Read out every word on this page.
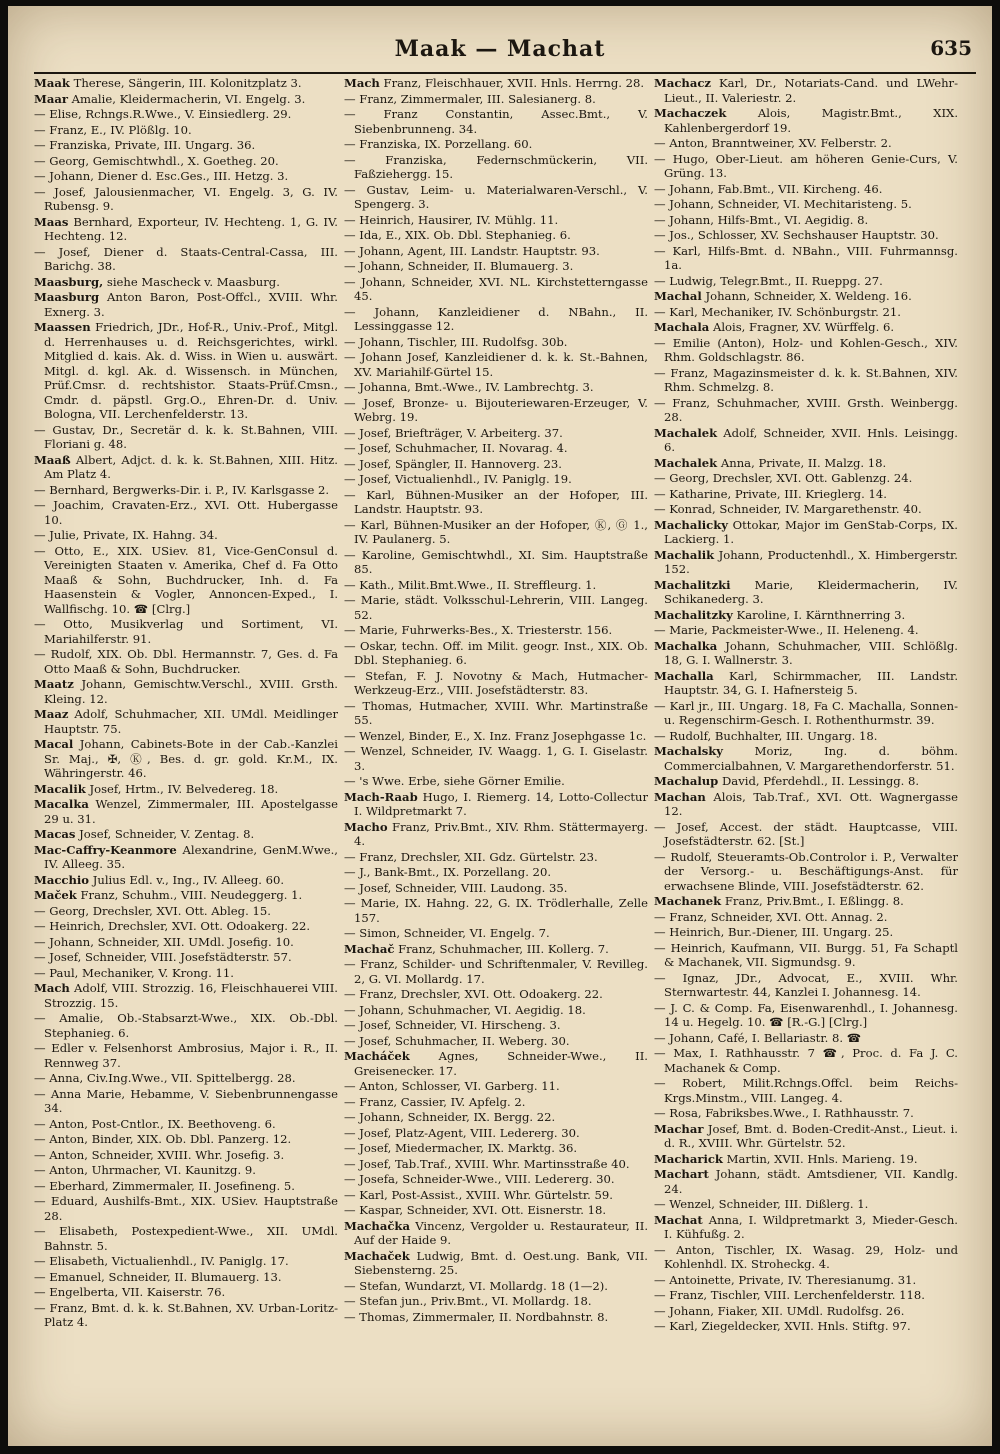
Maak — Machat	635
Maak Therese, Sängerin, III. Kolonitzplatz 3.
Maar Amalie, Kleidermacherin, VI. Engelg. 3.
— Elise, Rchngs.R.Wwe., V. Einsiedlerg. 29.
— Franz, E., IV. Plößlg. 10.
— Franziska, Private, III. Ungarg. 36.
— Georg, Gemischtwhdl., X. Goetheg. 20.
— Johann, Diener d. Esc.Ges., III. Hetzg. 3.
— Josef, Jalousienmacher, VI. Engelg. 3, G. IV. Rubensg. 9.
Maas Bernhard, Exporteur, IV. Hechteng. 1, G. IV. Hechteng. 12.
— Josef, Diener d. Staats-Central-Cassa, III. Barichg. 38.
Maasburg, siehe Mascheck v. Maasburg.
Maasburg Anton Baron, Post-Offcl., XVIII. Whr. Exnerg. 3.
Maassen Friedrich, JDr., Hof-R., Univ.-Prof., Mitgl. d. Herrenhauses u. d. Reichsgerichtes, wirkl. Mitglied d. kais. Ak. d. Wiss. in Wien u. auswärt. Mitgl. d. kgl. Ak. d. Wissensch. in München, Prüf.Cmsr. d. rechtshistor. Staats-Prüf.Cmsn., Cmdr. d. päpstl. Grg.O., Ehren-Dr. d. Univ. Bologna, VII. Lerchenfelderstr. 13.
— Gustav, Dr., Secretär d. k. k. St.Bahnen, VIII. Floriani g. 48.
Maaß Albert, Adjct. d. k. k. St.Bahnen, XIII. Hitz. Am Platz 4.
— Bernhard, Bergwerks-Dir. i. P., IV. Karlsgasse 2.
— Joachim, Cravaten-Erz., XVI. Ott. Hubergasse 10.
— Julie, Private, IX. Hahng. 34.
— Otto, E., XIX. USiev. 81, Vice-GenConsul d. Vereinigten Staaten v. Amerika, Chef d. Fa Otto Maaß & Sohn, Buchdrucker, Inh. d. Fa Haasenstein & Vogler, Annoncen-Exped., I. Wallfischg. 10. ☎ [Clrg.]
— Otto, Musikverlag und Sortiment, VI. Mariahilferstr. 91.
— Rudolf, XIX. Ob. Dbl. Hermannstr. 7, Ges. d. Fa Otto Maaß & Sohn, Buchdrucker.
Maatz Johann, Gemischtw.Verschl., XVIII. Grsth. Kleing. 12.
Maaz Adolf, Schuhmacher, XII. UMdl. Meidlinger Hauptstr. 75.
Macal Johann, Cabinets-Bote in der Cab.-Kanzlei Sr. Maj., ✠, Ⓚ, Bes. d. gr. gold. Kr.M., IX. Währingerstr. 46.
Macalik Josef, Hrtm., IV. Belvedereg. 18.
Macalka Wenzel, Zimmermaler, III. Apostelgasse 29 u. 31.
Macas Josef, Schneider, V. Zentag. 8.
Mac-Caffry-Keanmore Alexandrine, GenM.Wwe., IV. Alleeg. 35.
Macchio Julius Edl. v., Ing., IV. Alleeg. 60.
Maček Franz, Schuhm., VIII. Neudeggerg. 1.
— Georg, Drechsler, XVI. Ott. Ableg. 15.
— Heinrich, Drechsler, XVI. Ott. Odoakerg. 22.
— Johann, Schneider, XII. UMdl. Josefig. 10.
— Josef, Schneider, VIII. Josefstädterstr. 57.
— Paul, Mechaniker, V. Krong. 11.
Mach Adolf, VIII. Strozzig. 16, Fleischhauerei VIII. Strozzig. 15.
— Amalie, Ob.-Stabsarzt-Wwe., XIX. Ob.-Dbl. Stephanieg. 6.
— Edler v. Felsenhorst Ambrosius, Major i. R., II. Rennweg 37.
— Anna, Civ.Ing.Wwe., VII. Spittelbergg. 28.
— Anna Marie, Hebamme, V. Siebenbrunnengasse 34.
— Anton, Post-Cntlor., IX. Beethoveng. 6.
— Anton, Binder, XIX. Ob. Dbl. Panzerg. 12.
— Anton, Schneider, XVIII. Whr. Josefig. 3.
— Anton, Uhrmacher, VI. Kaunitzg. 9.
— Eberhard, Zimmermaler, II. Josefineng. 5.
— Eduard, Aushilfs-Bmt., XIX. USiev. Hauptstraße 28.
— Elisabeth, Postexpedient-Wwe., XII. UMdl. Bahnstr. 5.
— Elisabeth, Victualienhdl., IV. Paniglg. 17.
— Emanuel, Schneider, II. Blumauerg. 13.
— Engelberta, VII. Kaiserstr. 76.
— Franz, Bmt. d. k. k. St.Bahnen, XV. Urban-Loritz-Platz 4.
Mach Franz, Fleischhauer, XVII. Hnls. Herrng. 28.
— Franz, Zimmermaler, III. Salesianerg. 8.
— Franz Constantin, Assec.Bmt., V. Siebenbrunneng. 34.
— Franziska, IX. Porzellang. 60.
— Franziska, Federnschmückerin, VII. Faßziehergg. 15.
— Gustav, Leim- u. Materialwaren-Verschl., V. Spengerg. 3.
— Heinrich, Hausirer, IV. Mühlg. 11.
— Ida, E., XIX. Ob. Dbl. Stephanieg. 6.
— Johann, Agent, III. Landstr. Hauptstr. 93.
— Johann, Schneider, II. Blumauerg. 3.
— Johann, Schneider, XVI. NL. Kirchstetterngasse 45.
— Johann, Kanzleidiener d. NBahn., II. Lessinggasse 12.
— Johann, Tischler, III. Rudolfsg. 30b.
— Johann Josef, Kanzleidiener d. k. k. St.-Bahnen, XV. Mariahilf-Gürtel 15.
— Johanna, Bmt.-Wwe., IV. Lambrechtg. 3.
— Josef, Bronze- u. Bijouteriewaren-Erzeuger, V. Webrg. 19.
— Josef, Briefträger, V. Arbeiterg. 37.
— Josef, Schuhmacher, II. Novarag. 4.
— Josef, Spängler, II. Hannoverg. 23.
— Josef, Victualienhdl., IV. Paniglg. 19.
— Karl, Bühnen-Musiker an der Hofoper, III. Landstr. Hauptstr. 93.
— Karl, Bühnen-Musiker an der Hofoper, Ⓚ, Ⓖ 1., IV. Paulanerg. 5.
— Karoline, Gemischtwhdl., XI. Sim. Hauptstraße 85.
— Kath., Milit.Bmt.Wwe., II. Streffleurg. 1.
— Marie, städt. Volksschul-Lehrerin, VIII. Langeg. 52.
— Marie, Fuhrwerks-Bes., X. Triesterstr. 156.
— Oskar, techn. Off. im Milit. geogr. Inst., XIX. Ob. Dbl. Stephanieg. 6.
— Stefan, F. J. Novotny & Mach, Hutmacher-Werkzeug-Erz., VIII. Josefstädterstr. 83.
— Thomas, Hutmacher, XVIII. Whr. Martinstraße 55.
— Wenzel, Binder, E., X. Inz. Franz Josephgasse 1c.
— Wenzel, Schneider, IV. Waagg. 1, G. I. Giselastr. 3.
— 's Wwe. Erbe, siehe Görner Emilie.
Mach-Raab Hugo, I. Riemerg. 14, Lotto-Collectur I. Wildpretmarkt 7.
Macho Franz, Priv.Bmt., XIV. Rhm. Stättermayerg. 4.
— Franz, Drechsler, XII. Gdz. Gürtelstr. 23.
— J., Bank-Bmt., IX. Porzellang. 20.
— Josef, Schneider, VIII. Laudong. 35.
— Marie, IX. Hahng. 22, G. IX. Trödlerhalle, Zelle 157.
— Simon, Schneider, VI. Engelg. 7.
Machač Franz, Schuhmacher, III. Kollerg. 7.
— Franz, Schilder- und Schriftenmaler, V. Revilleg. 2, G. VI. Mollardg. 17.
— Franz, Drechsler, XVI. Ott. Odoakerg. 22.
— Johann, Schuhmacher, VI. Aegidig. 18.
— Josef, Schneider, VI. Hirscheng. 3.
— Josef, Schuhmacher, II. Weberg. 30.
Macháček Agnes, Schneider-Wwe., II. Greisenecker. 17.
— Anton, Schlosser, VI. Garberg. 11.
— Franz, Cassier, IV. Apfelg. 2.
— Johann, Schneider, IX. Bergg. 22.
— Josef, Platz-Agent, VIII. Ledererg. 30.
— Josef, Miedermacher, IX. Marktg. 36.
— Josef, Tab.Traf., XVIII. Whr. Martinsstraße 40.
— Josefa, Schneider-Wwe., VIII. Ledererg. 30.
— Karl, Post-Assist., XVIII. Whr. Gürtelstr. 59.
— Kaspar, Schneider, XVI. Ott. Eisnerstr. 18.
Machačka Vincenz, Vergolder u. Restaurateur, II. Auf der Haide 9.
Machaček Ludwig, Bmt. d. Oest.ung. Bank, VII. Siebensterng. 25.
— Stefan, Wundarzt, VI. Mollardg. 18 (1—2).
— Stefan jun., Priv.Bmt., VI. Mollardg. 18.
— Thomas, Zimmermaler, II. Nordbahnstr. 8.
Machacz Karl, Dr., Notariats-Cand. und LWehr-Lieut., II. Valeriestr. 2.
Machaczek Alois, Magistr.Bmt., XIX. Kahlenbergerdorf 19.
— Anton, Branntweiner, XV. Felberstr. 2.
— Hugo, Ober-Lieut. am höheren Genie-Curs, V. Grüng. 13.
— Johann, Fab.Bmt., VII. Kircheng. 46.
— Johann, Schneider, VI. Mechitaristeng. 5.
— Johann, Hilfs-Bmt., VI. Aegidig. 8.
— Jos., Schlosser, XV. Sechshauser Hauptstr. 30.
— Karl, Hilfs-Bmt. d. NBahn., VIII. Fuhrmannsg. 1a.
— Ludwig, Telegr.Bmt., II. Rueppg. 27.
Machal Johann, Schneider, X. Weldeng. 16.
— Karl, Mechaniker, IV. Schönburgstr. 21.
Machala Alois, Fragner, XV. Würffelg. 6.
— Emilie (Anton), Holz- und Kohlen-Gesch., XIV. Rhm. Goldschlagstr. 86.
— Franz, Magazinsmeister d. k. k. St.Bahnen, XIV. Rhm. Schmelzg. 8.
— Franz, Schuhmacher, XVIII. Grsth. Weinbergg. 28.
Machalek Adolf, Schneider, XVII. Hnls. Leisingg. 6.
Machalek Anna, Private, II. Malzg. 18.
— Georg, Drechsler, XVI. Ott. Gablenzg. 24.
— Katharine, Private, III. Krieglerg. 14.
— Konrad, Schneider, IV. Margarethenstr. 40.
Machalicky Ottokar, Major im GenStab-Corps, IX. Lackierg. 1.
Machalik Johann, Productenhdl., X. Himbergerstr. 152.
Machalitzki Marie, Kleidermacherin, IV. Schikanederg. 3.
Machalitzky Karoline, I. Kärnthnerring 3.
— Marie, Packmeister-Wwe., II. Heleneng. 4.
Machalka Johann, Schuhmacher, VIII. Schlößlg. 18, G. I. Wallnerstr. 3.
Machalla Karl, Schirmmacher, III. Landstr. Hauptstr. 34, G. I. Hafnersteig 5.
— Karl jr., III. Ungarg. 18, Fa C. Machalla, Sonnen- u. Regenschirm-Gesch. I. Rothenthurmstr. 39.
— Rudolf, Buchhalter, III. Ungarg. 18.
Machalsky Moriz, Ing. d. böhm. Commercialbahnen, V. Margarethendorferstr. 51.
Machalup David, Pferdehdl., II. Lessingg. 8.
Machan Alois, Tab.Traf., XVI. Ott. Wagnergasse 12.
— Josef, Accest. der städt. Hauptcasse, VIII. Josefstädterstr. 62. [St.]
— Rudolf, Steueramts-Ob.Controlor i. P., Verwalter der Versorg.- u. Beschäftigungs-Anst. für erwachsene Blinde, VIII. Josefstädterstr. 62.
Machanek Franz, Priv.Bmt., I. Eßlingg. 8.
— Franz, Schneider, XVI. Ott. Annag. 2.
— Heinrich, Bur.-Diener, III. Ungarg. 25.
— Heinrich, Kaufmann, VII. Burgg. 51, Fa Schaptl & Machanek, VII. Sigmundsg. 9.
— Ignaz, JDr., Advocat, E., XVIII. Whr. Sternwartestr. 44, Kanzlei I. Johannesg. 14.
— J. C. & Comp. Fa, Eisenwarenhdl., I. Johannesg. 14 u. Hegelg. 10. ☎ [R.-G.] [Clrg.]
— Johann, Café, I. Bellariastr. 8. ☎
— Max, I. Rathhausstr. 7 ☎, Proc. d. Fa J. C. Machanek & Comp.
— Robert, Milit.Rchngs.Offcl. beim Reichs-Krgs.Minstm., VIII. Langeg. 4.
— Rosa, Fabriksbes.Wwe., I. Rathhausstr. 7.
Machar Josef, Bmt. d. Boden-Credit-Anst., Lieut. i. d. R., XVIII. Whr. Gürtelstr. 52.
Macharick Martin, XVII. Hnls. Marieng. 19.
Machart Johann, städt. Amtsdiener, VII. Kandlg. 24.
— Wenzel, Schneider, III. Dißlerg. 1.
Machat Anna, I. Wildpretmarkt 3, Mieder-Gesch. I. Kühfußg. 2.
— Anton, Tischler, IX. Wasag. 29, Holz- und Kohlenhdl. IX. Stroheckg. 4.
— Antoinette, Private, IV. Theresianumg. 31.
— Franz, Tischler, VIII. Lerchenfelderstr. 118.
— Johann, Fiaker, XII. UMdl. Rudolfsg. 26.
— Karl, Ziegeldecker, XVII. Hnls. Stiftg. 97.
